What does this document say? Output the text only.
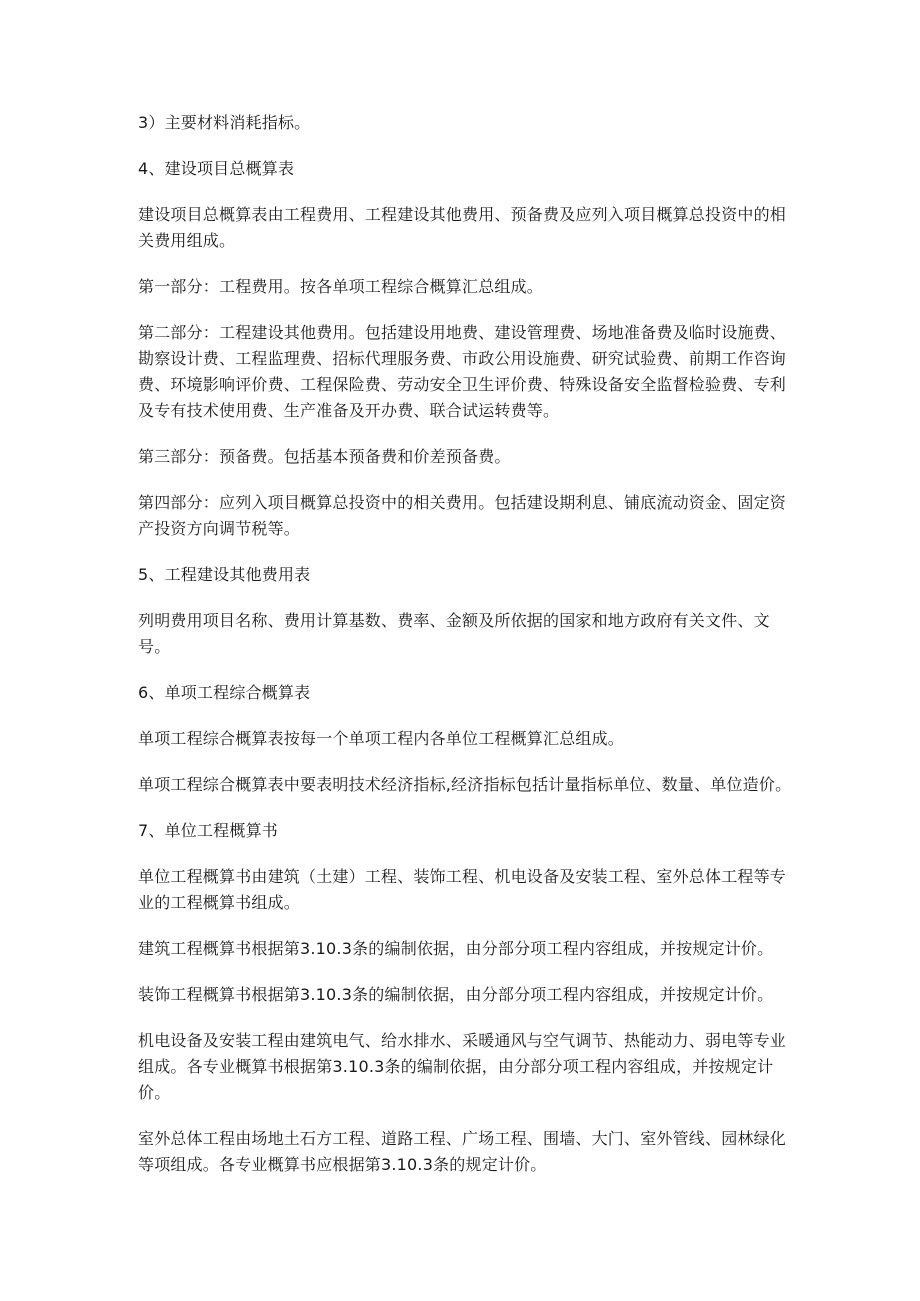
3）主要材料消耗指标。

4、建设项目总概算表

建设项目总概算表由工程费用、工程建设其他费用、预备费及应列入项目概算总投资中的相关费用组成。

第一部分：工程费用。按各单项工程综合概算汇总组成。

第二部分：工程建设其他费用。包括建设用地费、建设管理费、场地准备费及临时设施费、勘察设计费、工程监理费、招标代理服务费、市政公用设施费、研究试验费、前期工作咨询费、环境影响评价费、工程保险费、劳动安全卫生评价费、特殊设备安全监督检验费、专利及专有技术使用费、生产准备及开办费、联合试运转费等。

第三部分：预备费。包括基本预备费和价差预备费。

第四部分：应列入项目概算总投资中的相关费用。包括建设期利息、铺底流动资金、固定资产投资方向调节税等。

5、工程建设其他费用表

列明费用项目名称、费用计算基数、费率、金额及所依据的国家和地方政府有关文件、文号。

6、单项工程综合概算表

单项工程综合概算表按每一个单项工程内各单位工程概算汇总组成。

单项工程综合概算表中要表明技术经济指标,经济指标包括计量指标单位、数量、单位造价。

7、单位工程概算书

单位工程概算书由建筑（土建）工程、装饰工程、机电设备及安装工程、室外总体工程等专业的工程概算书组成。

建筑工程概算书根据第3.10.3条的编制依据，由分部分项工程内容组成，并按规定计价。

装饰工程概算书根据第3.10.3条的编制依据，由分部分项工程内容组成，并按规定计价。

机电设备及安装工程由建筑电气、给水排水、采暖通风与空气调节、热能动力、弱电等专业组成。各专业概算书根据第3.10.3条的编制依据，由分部分项工程内容组成，并按规定计价。

室外总体工程由场地土石方工程、道路工程、广场工程、围墙、大门、室外管线、园林绿化等项组成。各专业概算书应根据第3.10.3条的规定计价。
